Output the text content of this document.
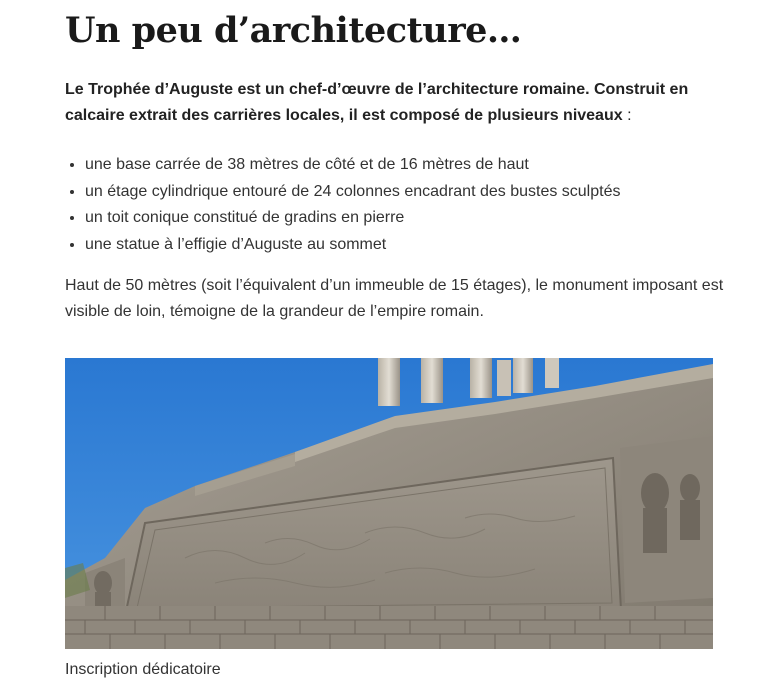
Un peu d’architecture…

Le Trophée d’Auguste est un chef-d’œuvre de l’architecture romaine. Construit en calcaire extrait des carrières locales, il est composé de plusieurs niveaux :

• une base carrée de 38 mètres de côté et de 16 mètres de haut
• un étage cylindrique entouré de 24 colonnes encadrant des bustes sculptés
• un toit conique constitué de gradins en pierre
• une statue à l’effigie d’Auguste au sommet

Haut de 50 mètres (soit l’équivalent d’un immeuble de 15 étages), le monument imposant est visible de loin, témoigne de la grandeur de l’empire romain.

Inscription dédicatoire
